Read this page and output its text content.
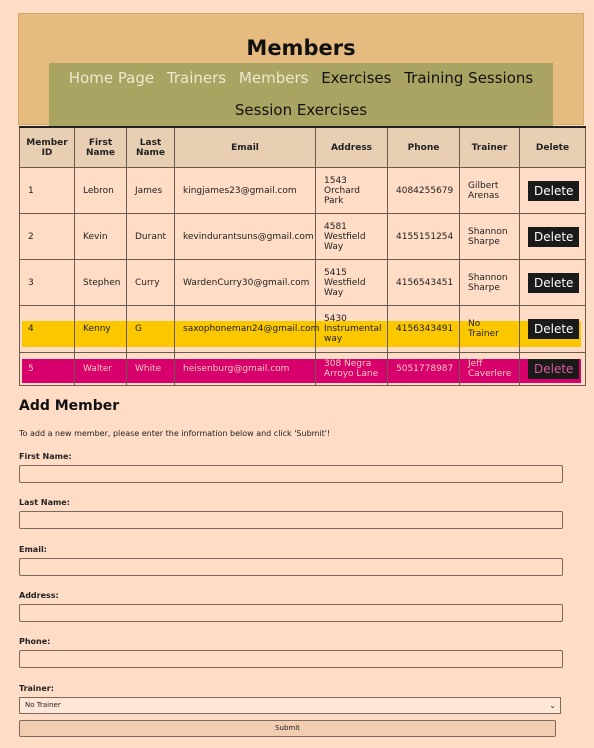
Members
Home Page Trainers Members Exercises Training Sessions
Session Exercises
Member ID	First Name	Last Name	Email	Address	Phone	Trainer	Delete
1	Lebron	James	kingjames23@gmail.com	1543 Orchard Park	4084255679	Gilbert Arenas	Delete
2	Kevin	Durant	kevindurantsuns@gmail.com	4581 Westfield Way	4155151254	Shannon Sharpe	Delete
3	Stephen	Curry	WardenCurry30@gmail.com	5415 Westfield Way	4156543451	Shannon Sharpe	Delete
4	Kenny	G	saxophoneman24@gmail.com	5430 Instrumental way	4156343491	No Trainer	Delete
5	Walter	White	heisenburg@gmail.com	308 Negra Arroyo Lane	5051778987	Jeff Caverlere	Delete
Add Member
To add a new member, please enter the information below and click 'Submit'!
First Name:
Last Name:
Email:
Address:
Phone:
Trainer:
No Trainer	⌄
Submit
